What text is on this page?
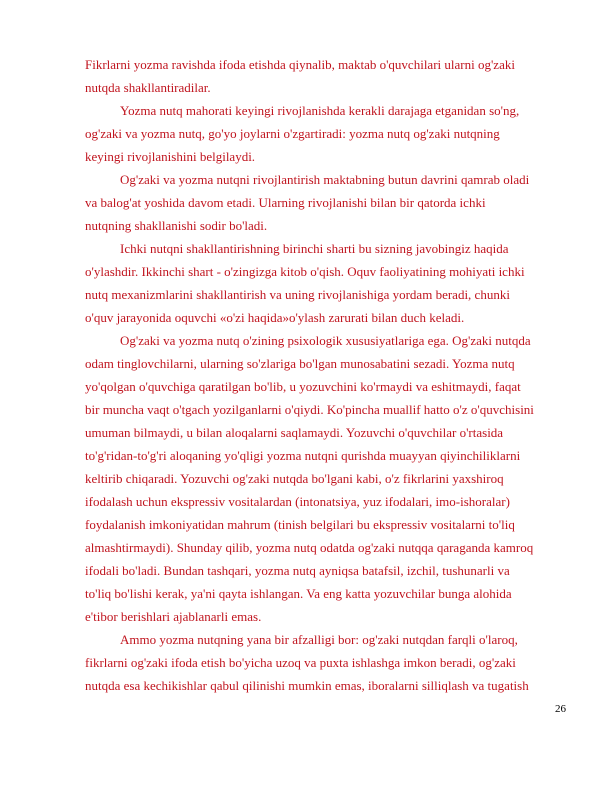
Fikrlarni yozma ravishda ifoda etishda qiynalib, maktab o'quvchilari ularni og'zaki
nutqda shakllantiradilar.
Yozma nutq mahorati keyingi rivojlanishda kerakli darajaga etganidan so'ng,
og'zaki va yozma nutq, go'yo joylarni o'zgartiradi: yozma nutq og'zaki nutqning
keyingi rivojlanishini belgilaydi.
Og'zaki va yozma nutqni rivojlantirish maktabning butun davrini qamrab oladi
va balog'at yoshida davom etadi. Ularning rivojlanishi bilan bir qatorda ichki
nutqning shakllanishi sodir bo'ladi.
Ichki nutqni shakllantirishning birinchi sharti bu sizning javobingiz haqida
o'ylashdir. Ikkinchi shart - o'zingizga kitob o'qish. Oquv faoliyatining mohiyati ichki
nutq mexanizmlarini shakllantirish va uning rivojlanishiga yordam beradi, chunki
o'quv jarayonida oquvchi «o'zi haqida»o'ylash zarurati bilan duch keladi.
Og'zaki va yozma nutq o'zining psixologik xususiyatlariga ega. Og'zaki nutqda
odam tinglovchilarni, ularning so'zlariga bo'lgan munosabatini sezadi. Yozma nutq
yo'qolgan o'quvchiga qaratilgan bo'lib, u yozuvchini ko'rmaydi va eshitmaydi, faqat
bir muncha vaqt o'tgach yozilganlarni o'qiydi. Ko'pincha muallif hatto o'z o'quvchisini
umuman bilmaydi, u bilan aloqalarni saqlamaydi. Yozuvchi o'quvchilar o'rtasida
to'g'ridan-to'g'ri aloqaning yo'qligi yozma nutqni qurishda muayyan qiyinchiliklarni
keltirib chiqaradi. Yozuvchi og'zaki nutqda bo'lgani kabi, o'z fikrlarini yaxshiroq
ifodalash uchun ekspressiv vositalardan (intonatsiya, yuz ifodalari, imo-ishoralar)
foydalanish imkoniyatidan mahrum (tinish belgilari bu ekspressiv vositalarni to'liq
almashtirmaydi). Shunday qilib, yozma nutq odatda og'zaki nutqqa qaraganda kamroq
ifodali bo'ladi. Bundan tashqari, yozma nutq ayniqsa batafsil, izchil, tushunarli va
to'liq bo'lishi kerak, ya'ni qayta ishlangan. Va eng katta yozuvchilar bunga alohida
e'tibor berishlari ajablanarli emas.
Ammo yozma nutqning yana bir afzalligi bor: og'zaki nutqdan farqli o'laroq,
fikrlarni og'zaki ifoda etish bo'yicha uzoq va puxta ishlashga imkon beradi, og'zaki
nutqda esa kechikishlar qabul qilinishi mumkin emas, iboralarni silliqlash va tugatish
26
